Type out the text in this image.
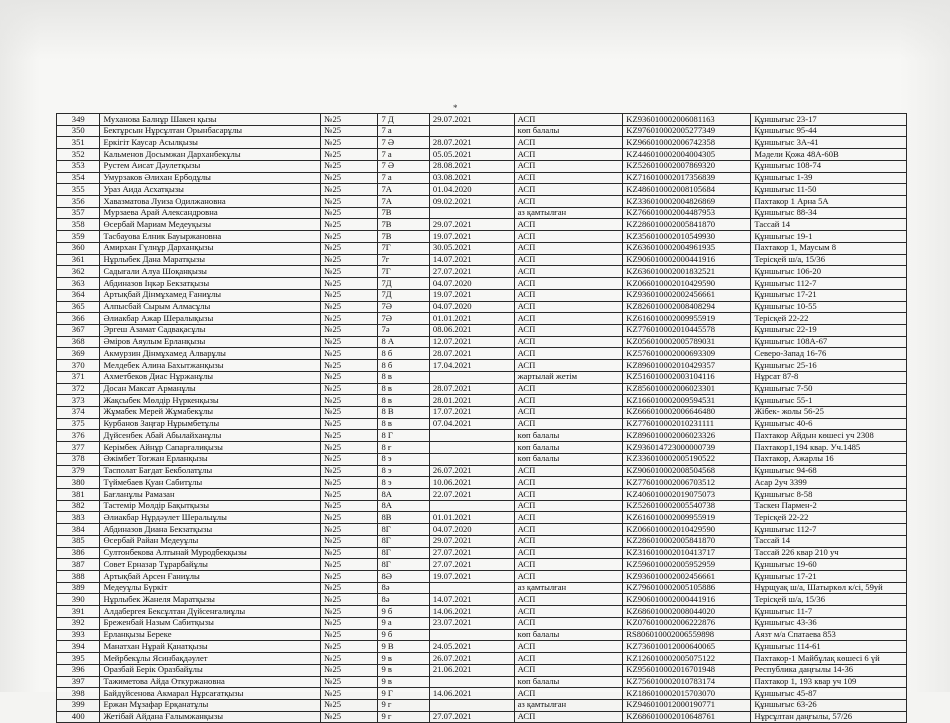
*
349	Муханова Балнұр Шакен қызы	№25	7 Д	29.07.2021	АСП	KZ936010002006081163	Құншығыс 23-17
350	Бектұрсын Нұрсұлтан Орынбасарұлы	№25	7 а		көп балалы	KZ976010002005277349	Құншығыс 95-44
351	Еркігіт Каусар Асылқызы	№25	7 Ә	28.07.2021	АСП	KZ966010002006742358	Құншығыс 3А-41
352	Кальменов Досымжан Дарханбекұлы	№25	7 а	05.05.2021	АСП	KZ446010002004004305	Мәдели Қожа 48А-60В
353	Рустем Аисат Дәулетқызы	№25	7 Ә	28.08.2021	АСП	KZ526010002007869320	Құншығыс 108-74
354	Умурзаков Әлихан Ербодұлы	№25	7 а	03.08.2021	АСП	KZ716010002017356839	Құншығыс 1-39
355	Ураз Аида Асхатқызы	№25	7А	01.04.2020	АСП	KZ486010002008105684	Құншығыс 11-50
356	Хавазматова Луиза Одилжановна	№25	7А	09.02.2021	АСП	KZ336010002004826869	Пахтакор 1 Арна 5А
357	Мурзаева Арай Александровна	№25	7В		аз қамтылған	KZ766010002004487953	Құншығыс 88-34
358	Өсербай Мариам Медеуқызы	№25	7В	29.07.2021	АСП	KZ286010002005841870	Тассай 14
359	Тасбауова Елник Бауыржановна	№25	7В	19.07.2021	АСП	KZ356010002010549930	Құншығыс 19-1
360	Амирхан Гүлнұр Дарханқызы	№25	7Г	30.05.2021	АСП	KZ636010002004961935	Пахтакор 1, Маусым 8
361	Нұрлыбек Дана Маратқызы	№25	7г	14.07.2021	АСП	KZ906010002000441916	Терісқей ш/а, 15/36
362	Садығали Алуа Шоқанқызы	№25	7Г	27.07.2021	АСП	KZ636010002001832521	Құншығыс 106-20
363	Абдиназов Іңкәр Бекзатқызы	№25	7Д	04.07.2020	АСП	KZ066010002010429590	Құншығыс 112-7
364	Артықбай Дінмұхамед Ғаниұлы	№25	7Д	19.07.2021	АСП	KZ936010002002456661	Құншығыс 17-21
365	Алпысбай Сырым Алмасұлы	№25	7Ә	04.07.2020	АСП	KZ826010002008408294	Құншығыс 10-55
366	Әлиакбар Ажар Шералықызы	№25	7Ә	01.01.2021	АСП	KZ616010002009955919	Терісқей 22-22
367	Эргеш Азамат Садвақасұлы	№25	7ә	08.06.2021	АСП	KZ776010002010445578	Құншығыс 22-19
368	Әміров Аяулым Ерланқызы	№25	8 А	12.07.2021	АСП	KZ056010002005789031	Құншығыс 108А-67
369	Акмурзин Дінмұхамед Алварұлы	№25	8 б	28.07.2021	АСП	KZ576010002000693309	Северо-Запад 16-76
370	Мелдебек Алина Бахытжанқызы	№25	8 б	17.04.2021	АСП	KZ896010002010429357	Құншығыс 25-16
371	Ахметбеков Диас Нұржанұлы	№25	8 в		жартылай жетім	KZ516010002003104116	Нұрсат 87-8
372	Досан Максат Арманұлы	№25	8 в	28.07.2021	АСП	KZ856010002006023301	Құншығыс 7-50
373	Жақсыбек Мөлдір Нүркенқызы	№25	8 в	28.01.2021	АСП	KZ166010002009594531	Құншығыс 55-1
374	Жұмабек Мерей Жұмабекұлы	№25	8 В	17.07.2021	АСП	KZ666010002006646480	Жібек- жолы 56-25
375	Курбанов Заңғар Нұрымбетұлы	№25	8 в	07.04.2021	АСП	KZ776010002010231111	Құншығыс 40-6
376	Дүйсенбек Абай Абылайханұлы	№25	8 Г		көп балалы	KZ896010002006023326	Пахтакор Айдын көшесі уч 2308
377	Керімбек Айнұр Сапарғалиқызы	№25	8 ғ		көп балалы	KZ936014723000000739	Пахтакор1,194 квар. Уч.1485
378	Әжімбет Тоғжан Ерланқызы	№25	8 э		көп балалы	KZ336010002005190522	Пахтакор, Ажарлы 16
379	Тасполат Бағдат Бекболатұлы	№25	8 э	26.07.2021	АСП	KZ906010002008504568	Құншығыс 94-68
380	Түймебаев Қуан Сабитұлы	№25	8 э	10.06.2021	АСП	KZ776010002006703512	Асар 2уч 3399
381	Бағланұлы Рамазан	№25	8А	22.07.2021	АСП	KZ406010002019075073	Құншығыс 8-58
382	Тастемір Мөлдір Бақытқызы	№25	8А		АСП	KZ526010002005540738	Таскен Пармен-2
383	Әлиакбар Нұрдәулет Шералыұлы	№25	8В	01.01.2021	АСП	KZ616010002009955919	Терісқей 22-22
384	Абдиназов Диана Бекзатқызы	№25	8Г	04.07.2020	АСП	KZ066010002010429590	Құншығыс 112-7
385	Өсербай Райан Медеуұлы	№25	8Г	29.07.2021	АСП	KZ286010002005841870	Тассай 14
386	Султонбекова Алтынай Муродбекқызы	№25	8Г	27.07.2021	АСП	KZ316010002010413717	Тассай 226 квар 210 уч
387	Совет Ерназар Тұрарбайұлы	№25	8Г	27.07.2021	АСП	KZ596010002005952959	Құншығыс 19-60
388	Артықбай Арсен Ғаниұлы	№25	8Ә	19.07.2021	АСП	KZ936010002002456661	Құншығыс 17-21
389	Медеуұлы Бүркіт	№25	8ә		аз қамтылған	KZ796010002005105886	Нұрщуақ ш/а, Шатыркөл к/сі, 59уй
390	Нұрлыбек Жанеля Маратқызы	№25	8ә	14.07.2021	АСП	KZ906010002000441916	Терісқей ш/а, 15/36
391	Алдабергея Бексұлтан Дүйсенғалиұлы	№25	9 б	14.06.2021	АСП	KZ686010002008044020	Құншығыс 11-7
392	Бреженбай Назым Сабитқызы	№25	9 а	23.07.2021	АСП	KZ076010002006222876	Құншығыс 43-36
393	Ерланқызы Береке	№25	9 б		көп балалы	RS806010002006559898	Аязт м/а Спатаева 853
394	Манатхан Нұрай Қанатқызы	№25	9 В	24.05.2021	АСП	KZ736010012000640065	Құншығыс 114-61
395	Мейрбекұлы Ясинбақдәулет	№25	9 в	26.07.2021	АСП	KZ126010002005075122	Пахтакор-1 Майбұлақ көшесі 6 үй
396	Оразбай Берік Оразбайұлы	№25	9 в	21.06.2021	АСП	KZ956010002016701948	Республика даңғылы 14-36
397	Тажиметова Айда Откуржановна	№25	9 в		көп балалы	KZ756010002010783174	Пахтакор 1, 193 квар уч 109
398	Байдүйсенова Акмарал Нұрсағатқызы	№25	9 Г	14.06.2021	АСП	KZ186010002015703070	Құншығыс 45-87
399	Ержан Мұзафар Ерқанатұлы	№25	9 г		аз қамтылған	KZ946010012000190771	Құншығыс 63-26
400	Жетібай Айдана Ғалымжанқызы	№25	9 г	27.07.2021	АСП	KZ686010002010648761	Нұрсұлтан даңғылы, 57/26
